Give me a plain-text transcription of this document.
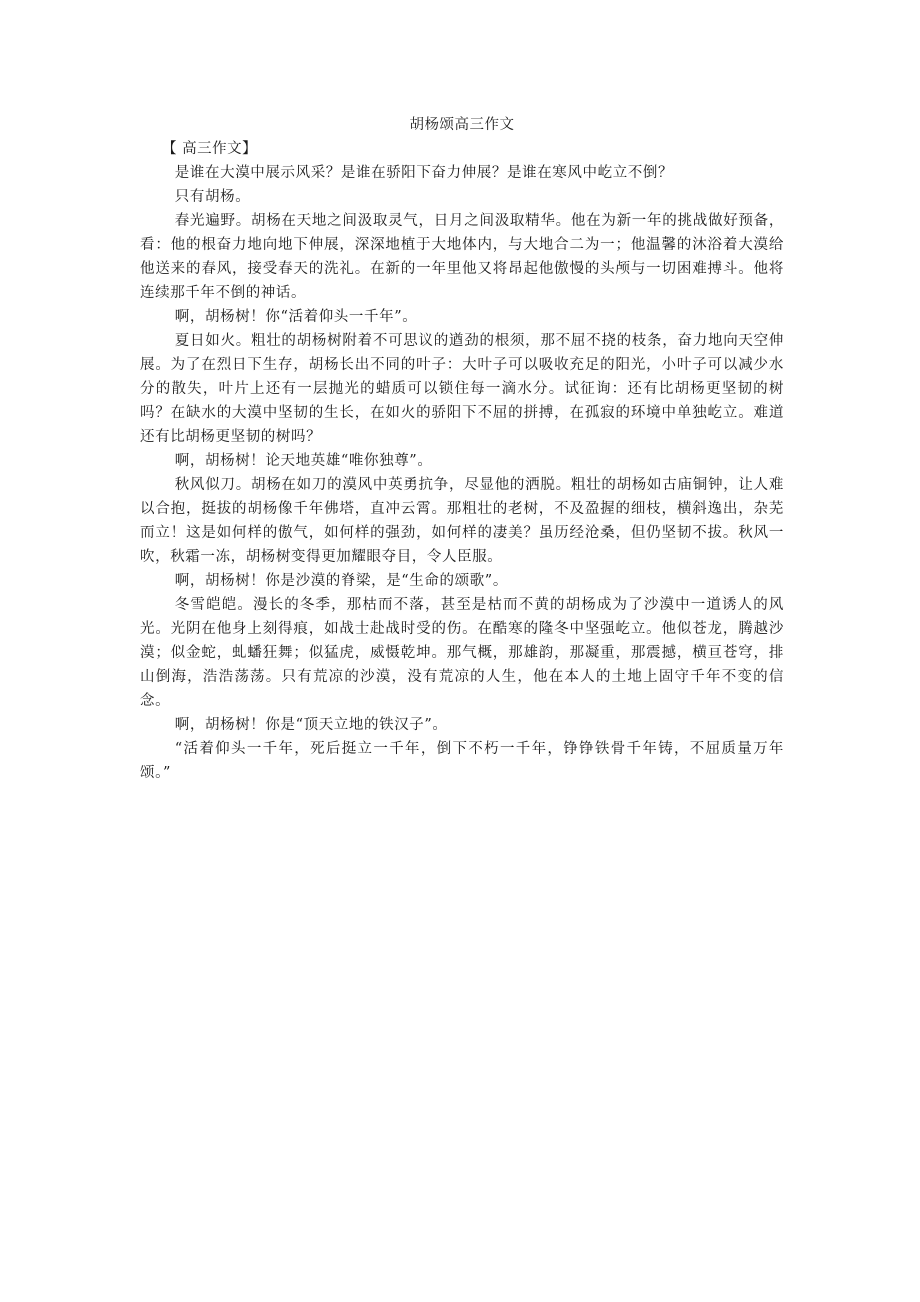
胡杨颂高三作文

【 高三作文】

是谁在大漠中展示风采？是谁在骄阳下奋力伸展？是谁在寒风中屹立不倒？

只有胡杨。

春光遍野。胡杨在天地之间汲取灵气，日月之间汲取精华。他在为新一年的挑战做好预备，看：他的根奋力地向地下伸展，深深地植于大地体内，与大地合二为一；他温馨的沐浴着大漠给他送来的春风，接受春天的洗礼。在新的一年里他又将昂起他傲慢的头颅与一切困难搏斗。他将连续那千年不倒的神话。

啊，胡杨树！你“活着仰头一千年”。

夏日如火。粗壮的胡杨树附着不可思议的遒劲的根须，那不屈不挠的枝条，奋力地向天空伸展。为了在烈日下生存，胡杨长出不同的叶子：大叶子可以吸收充足的阳光，小叶子可以减少水分的散失，叶片上还有一层抛光的蜡质可以锁住每一滴水分。试征询：还有比胡杨更坚韧的树吗？在缺水的大漠中坚韧的生长，在如火的骄阳下不屈的拼搏，在孤寂的环境中单独屹立。难道还有比胡杨更坚韧的树吗？

啊，胡杨树！论天地英雄“唯你独尊”。

秋风似刀。胡杨在如刀的漠风中英勇抗争，尽显他的洒脱。粗壮的胡杨如古庙铜钟，让人难以合抱，挺拔的胡杨像千年佛塔，直冲云霄。那粗壮的老树，不及盈握的细枝，横斜逸出，杂芜而立！这是如何样的傲气，如何样的强劲，如何样的凄美？虽历经沧桑，但仍坚韧不拔。秋风一吹，秋霜一冻，胡杨树变得更加耀眼夺目，令人臣服。

啊，胡杨树！你是沙漠的脊梁，是“生命的颂歌”。

冬雪皑皑。漫长的冬季，那枯而不落，甚至是枯而不黄的胡杨成为了沙漠中一道诱人的风光。光阴在他身上刻得痕，如战士赴战时受的伤。在酷寒的隆冬中坚强屹立。他似苍龙，腾越沙漠；似金蛇，虬蟠狂舞；似猛虎，威慑乾坤。那气概，那雄韵，那凝重，那震撼，横亘苍穹，排山倒海，浩浩荡荡。只有荒凉的沙漠，没有荒凉的人生，他在本人的土地上固守千年不变的信念。

啊，胡杨树！你是“顶天立地的铁汉子”。

“活着仰头一千年，死后挺立一千年，倒下不朽一千年，铮铮铁骨千年铸，不屈质量万年颂。”
